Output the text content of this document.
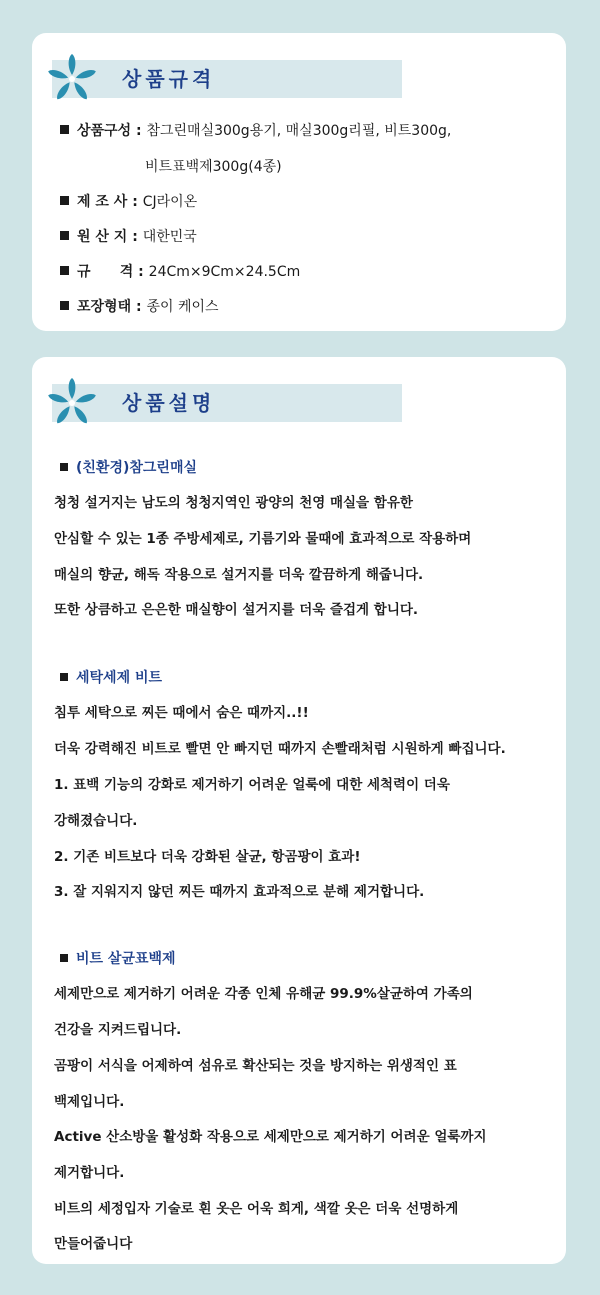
상품규격
상품구성 : 참그린매실300g용기, 매실300g리필, 비트300g,
비트표백제300g(4종)
제 조 사 : CJ라이온
원 산 지 : 대한민국
규      격 : 24Cm×9Cm×24.5Cm
포장형태 : 종이 케이스
상품설명
(친환경)참그린매실
청청 설거지는 남도의 청청지역인 광양의 천영 매실을 함유한
안심할 수 있는 1종 주방세제로, 기름기와 물때에 효과적으로 작용하며
매실의 향균, 해독 작용으로 설거지를 더욱 깔끔하게 해줍니다.
또한 상큼하고 은은한 매실향이 설거지를 더욱 즐겁게 합니다.
세탁세제 비트
침투 세탁으로 찌든 때에서 숨은 때까지..!!
더욱 강력해진 비트로 빨면 안 빠지던 때까지 손빨래처럼 시원하게 빠집니다.
1. 표백 기능의 강화로 제거하기 어려운 얼룩에 대한 세척력이 더욱
강해졌습니다.
2. 기존 비트보다 더욱 강화된 살균, 항곰팡이 효과!
3. 잘 지워지지 않던 찌든 때까지 효과적으로 분해 제거합니다.
비트 살균표백제
세제만으로 제거하기 어려운 각종 인체 유해균 99.9%살균하여 가족의
건강을 지켜드립니다.
곰팡이 서식을 어제하여 섬유로 확산되는 것을 방지하는 위생적인 표
백제입니다.
Active 산소방울 활성화 작용으로 세제만으로 제거하기 어려운 얼룩까지
제거합니다.
비트의 세정입자 기술로 흰 옷은 어욱 희게, 색깔 옷은 더욱 선명하게
만들어줍니다
